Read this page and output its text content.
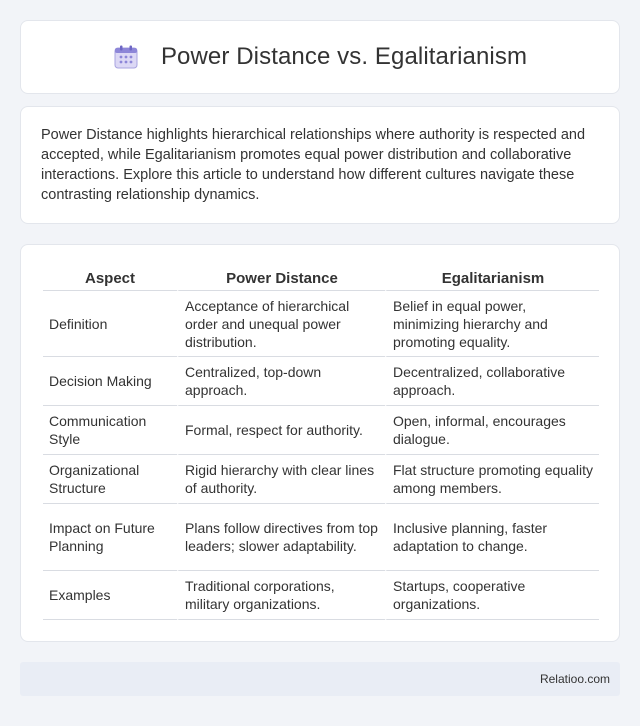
Power Distance vs. Egalitarianism

Power Distance highlights hierarchical relationships where authority is respected and accepted, while Egalitarianism promotes equal power distribution and collaborative interactions. Explore this article to understand how different cultures navigate these contrasting relationship dynamics.

Aspect	Power Distance	Egalitarianism
Definition	Acceptance of hierarchical order and unequal power distribution.	Belief in equal power, minimizing hierarchy and promoting equality.
Decision Making	Centralized, top-down approach.	Decentralized, collaborative approach.
Communication Style	Formal, respect for authority.	Open, informal, encourages dialogue.
Organizational Structure	Rigid hierarchy with clear lines of authority.	Flat structure promoting equality among members.
Impact on Future Planning	Plans follow directives from top leaders; slower adaptability.	Inclusive planning, faster adaptation to change.
Examples	Traditional corporations, military organizations.	Startups, cooperative organizations.
Relatioo.com
